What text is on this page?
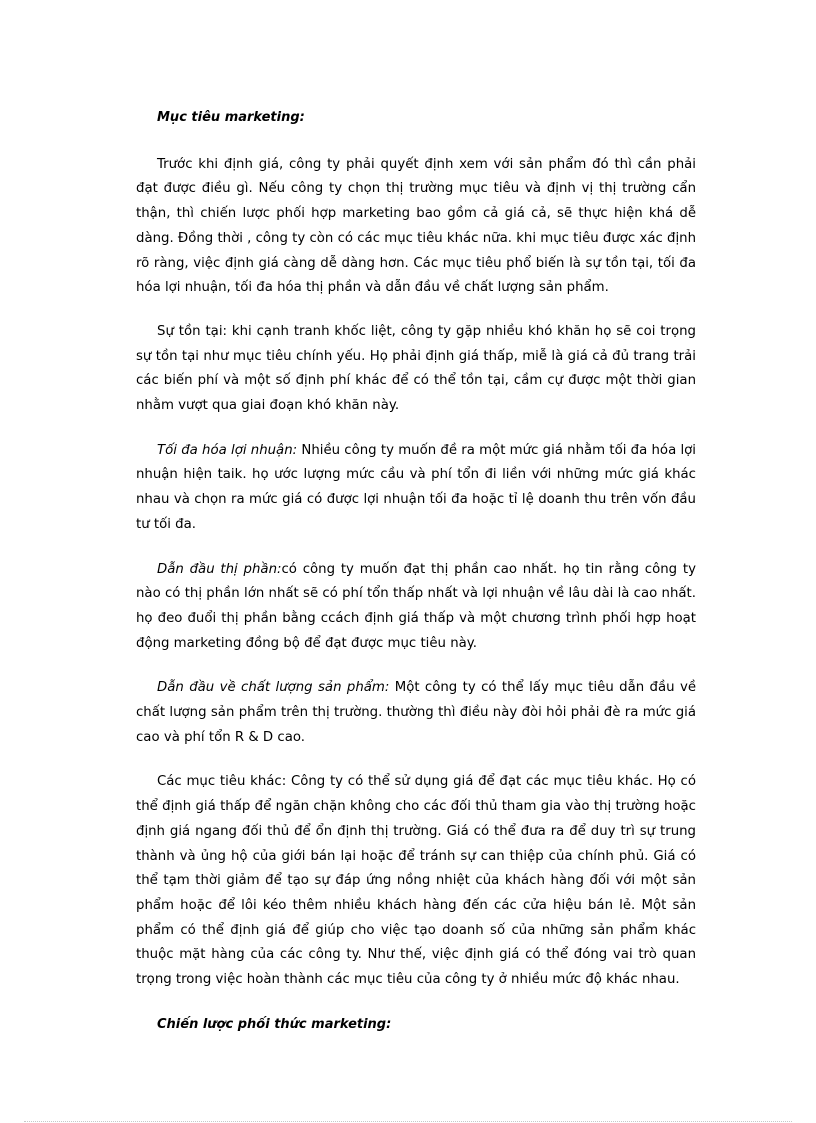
Mục tiêu marketing:

Trước khi định giá, công ty phải quyết định xem với sản phẩm đó thì cần phải đạt được điều gì. Nếu công ty chọn thị trường mục tiêu và định vị thị trường cẩn thận, thì chiến lược phối hợp marketing bao gồm cả giá cả, sẽ thực hiện khá dễ dàng. Đồng thời , công ty còn có các mục tiêu khác nữa. khi mục tiêu được xác định rõ ràng, việc định giá càng dễ dàng hơn. Các mục tiêu phổ biến là sự tồn tại, tối đa hóa lợi nhuận, tối đa hóa thị phần và dẫn đầu về chất lượng sản phẩm.

Sự tồn tại: khi cạnh tranh khốc liệt, công ty gặp nhiều khó khăn họ sẽ coi trọng sự tồn tại như mục tiêu chính yếu. Họ phải định giá thấp, miễ là giá cả đủ trang trải các biến phí và một số định phí khác để có thể tồn tại, cầm cự được một thời gian nhằm vượt qua giai đoạn khó khăn này.

Tối đa hóa lợi nhuận: Nhiều công ty muốn đề ra một mức giá nhằm tối đa hóa lợi nhuận hiện taik. họ ước lượng mức cầu và phí tổn đi liền với những mức giá khác nhau và chọn ra mức giá có được lợi nhuận tối đa hoặc tỉ lệ doanh thu trên vốn đầu tư tối đa.

Dẫn đầu thị phần:có công ty muốn đạt thị phần cao nhất. họ tin rằng công ty nào có thị phần lớn nhất sẽ có phí tổn thấp nhất và lợi nhuận về lâu dài là cao nhất. họ đeo đuổi thị phần bằng ccách định giá thấp và một chương trình phối hợp hoạt động marketing đồng bộ để đạt được mục tiêu này.

Dẫn đầu về chất lượng sản phẩm: Một công ty có thể lấy mục tiêu dẫn đầu về chất lượng sản phẩm trên thị trường. thường thì điều này đòi hỏi phải đè ra mức giá cao và phí tổn R & D cao.

Các mục tiêu khác: Công ty có thể sử dụng giá để đạt các mục tiêu khác. Họ có thể định giá thấp để ngăn chặn không cho các đối thủ tham gia vào thị trường hoặc định giá ngang đối thủ để ổn định thị trường. Giá có thể đưa ra để duy trì sự trung thành và ủng hộ của giới bán lại hoặc để tránh sự can thiệp của chính phủ. Giá có thể tạm thời giảm để tạo sự đáp ứng nồng nhiệt của khách hàng đối với một sản phẩm hoặc để lôi kéo thêm nhiều khách hàng đến các cửa hiệu bán lẻ. Một sản phẩm có thể định giá để giúp cho việc tạo doanh số của những sản phẩm khác thuộc mặt hàng của các công ty. Như thế, việc định giá có thể đóng vai trò quan trọng trong việc hoàn thành các mục tiêu của công ty ở nhiều mức độ khác nhau.

Chiến lược phối thức marketing:
